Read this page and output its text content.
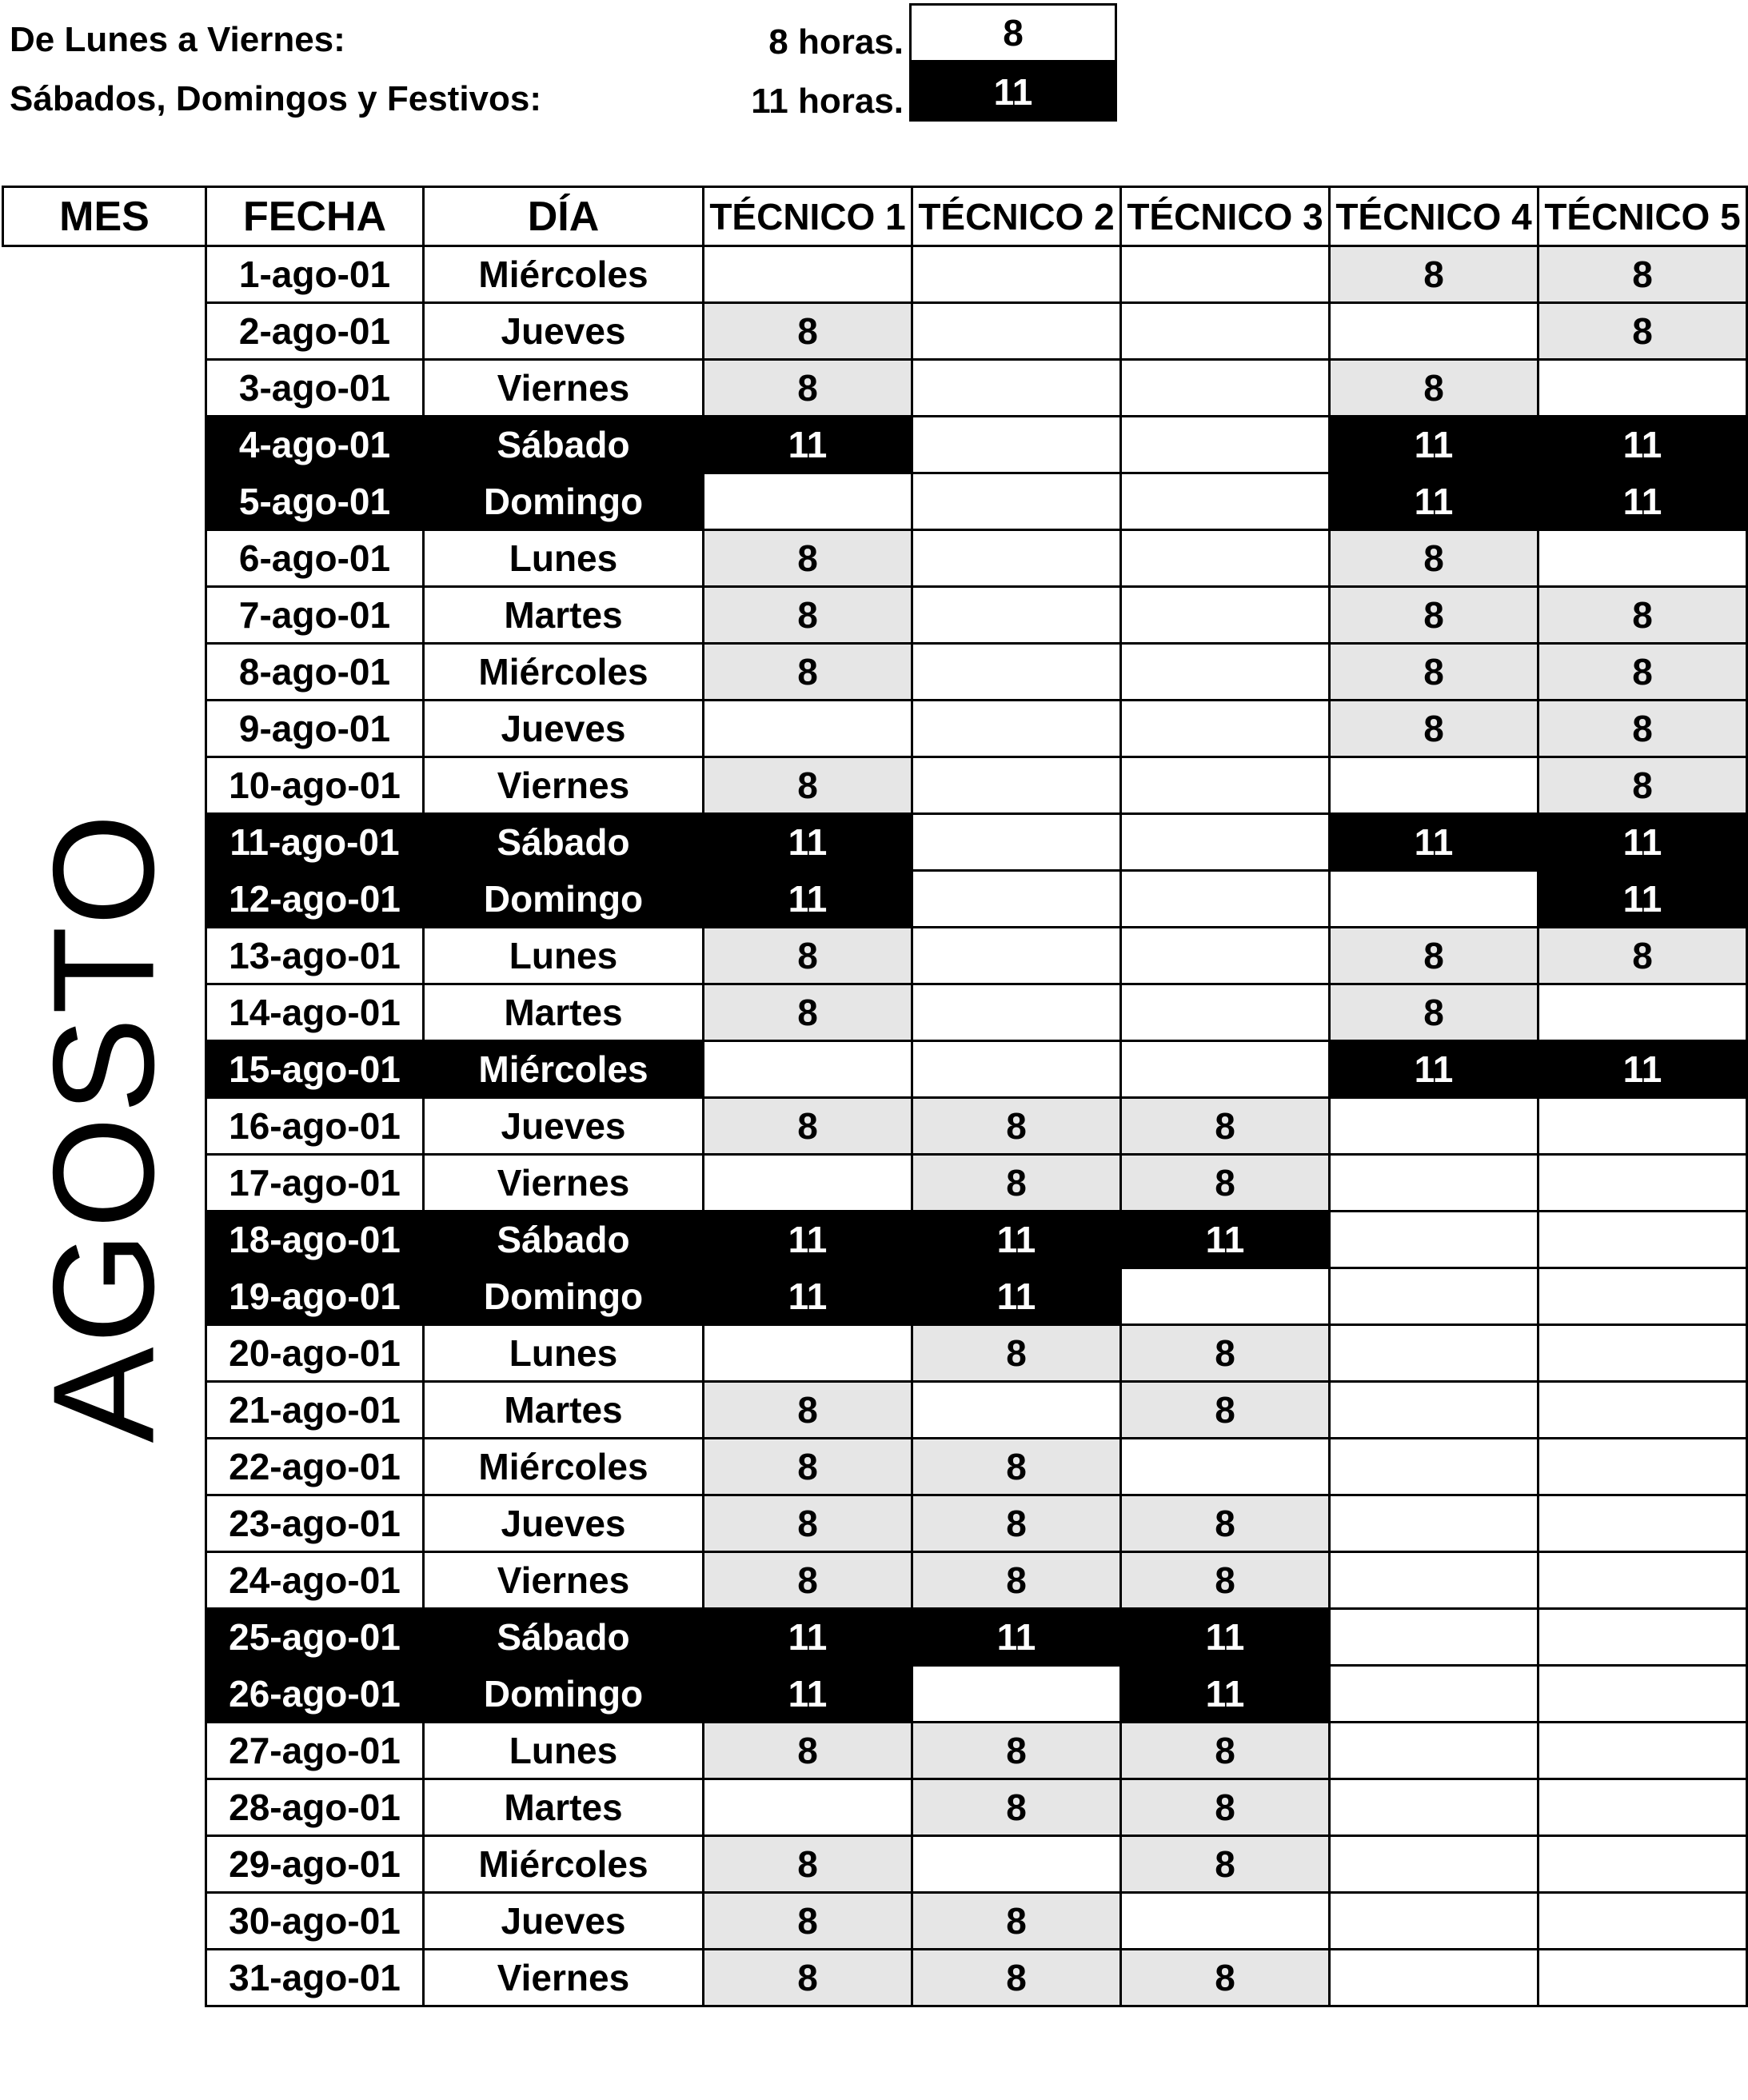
De Lunes a Viernes:	8 horas.	8
Sábados, Domingos y Festivos:	11 horas.	11
MES	FECHA	DÍA	TÉCNICO 1	TÉCNICO 2	TÉCNICO 3	TÉCNICO 4	TÉCNICO 5

AGOSTO	1-ago-01	Miércoles				8	8
	2-ago-01	Jueves	8				8
	3-ago-01	Viernes	8			8	
	4-ago-01	Sábado	11			11	11
	5-ago-01	Domingo				11	11
	6-ago-01	Lunes	8			8	
	7-ago-01	Martes	8			8	8
	8-ago-01	Miércoles	8			8	8
	9-ago-01	Jueves				8	8
	10-ago-01	Viernes	8				8
	11-ago-01	Sábado	11			11	11
	12-ago-01	Domingo	11				11
	13-ago-01	Lunes	8			8	8
	14-ago-01	Martes	8			8	
	15-ago-01	Miércoles				11	11
	16-ago-01	Jueves	8	8	8		
	17-ago-01	Viernes		8	8		
	18-ago-01	Sábado	11	11	11		
	19-ago-01	Domingo	11	11			
	20-ago-01	Lunes		8	8		
	21-ago-01	Martes	8		8		
	22-ago-01	Miércoles	8	8			
	23-ago-01	Jueves	8	8	8		
	24-ago-01	Viernes	8	8	8		
	25-ago-01	Sábado	11	11	11		
	26-ago-01	Domingo	11		11		
	27-ago-01	Lunes	8	8	8		
	28-ago-01	Martes		8	8		
	29-ago-01	Miércoles	8		8		
	30-ago-01	Jueves	8	8			
	31-ago-01	Viernes	8	8	8		
